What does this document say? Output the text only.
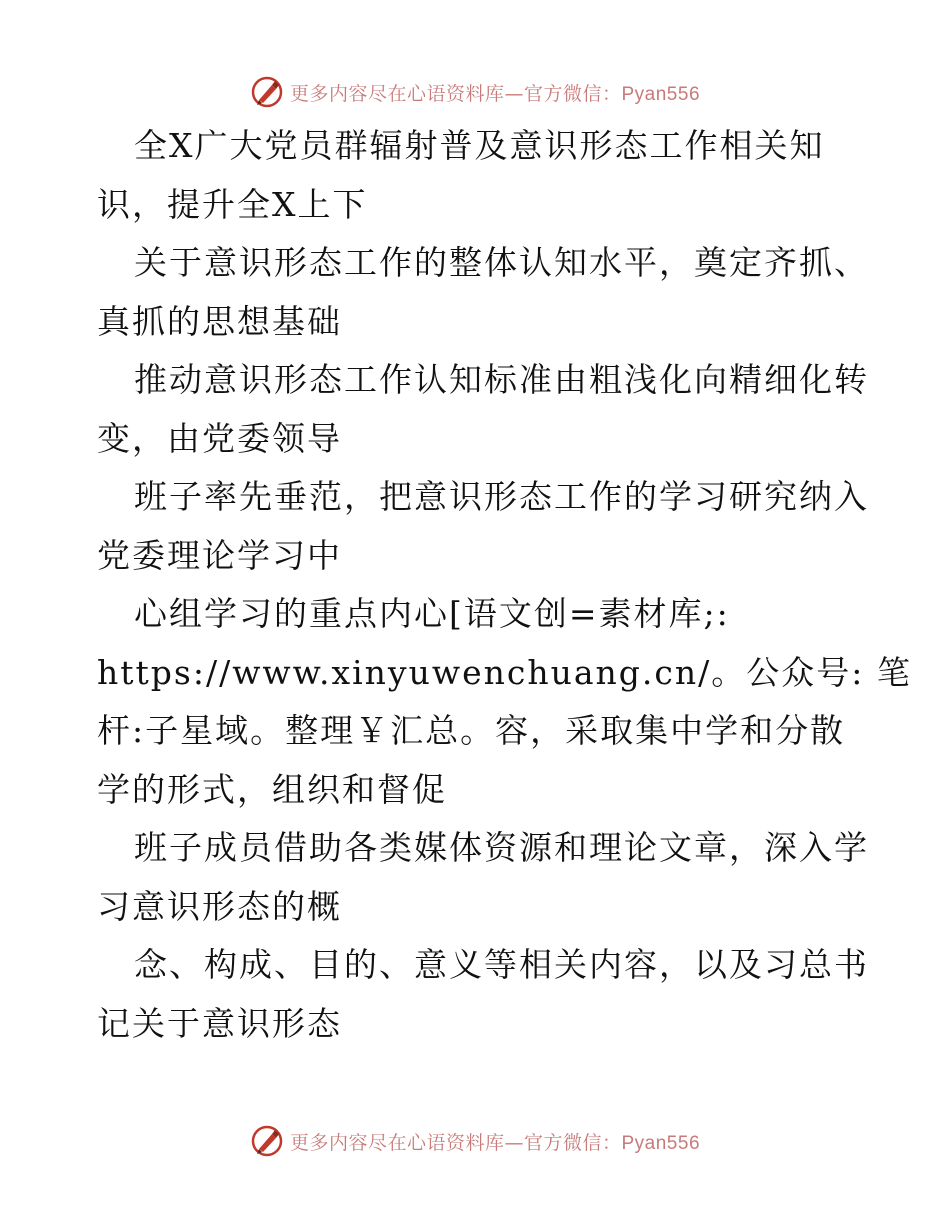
更多内容尽在心语资料库—官方微信：Pyan556
全X广大党员群辐射普及意识形态工作相关知
识，提升全X上下
关于意识形态工作的整体认知水平，奠定齐抓、
真抓的思想基础
推动意识形态工作认知标准由粗浅化向精细化转
变，由党委领导
班子率先垂范，把意识形态工作的学习研究纳入
党委理论学习中
心组学习的重点内心[语文创=素材库;:
https://www.xinyuwenchuang.cn/。公众号: 笔
杆:子星域。整理￥汇总。容，采取集中学和分散
学的形式，组织和督促
班子成员借助各类媒体资源和理论文章，深入学
习意识形态的概
念、构成、目的、意义等相关内容，以及习总书
记关于意识形态
更多内容尽在心语资料库—官方微信：Pyan556
